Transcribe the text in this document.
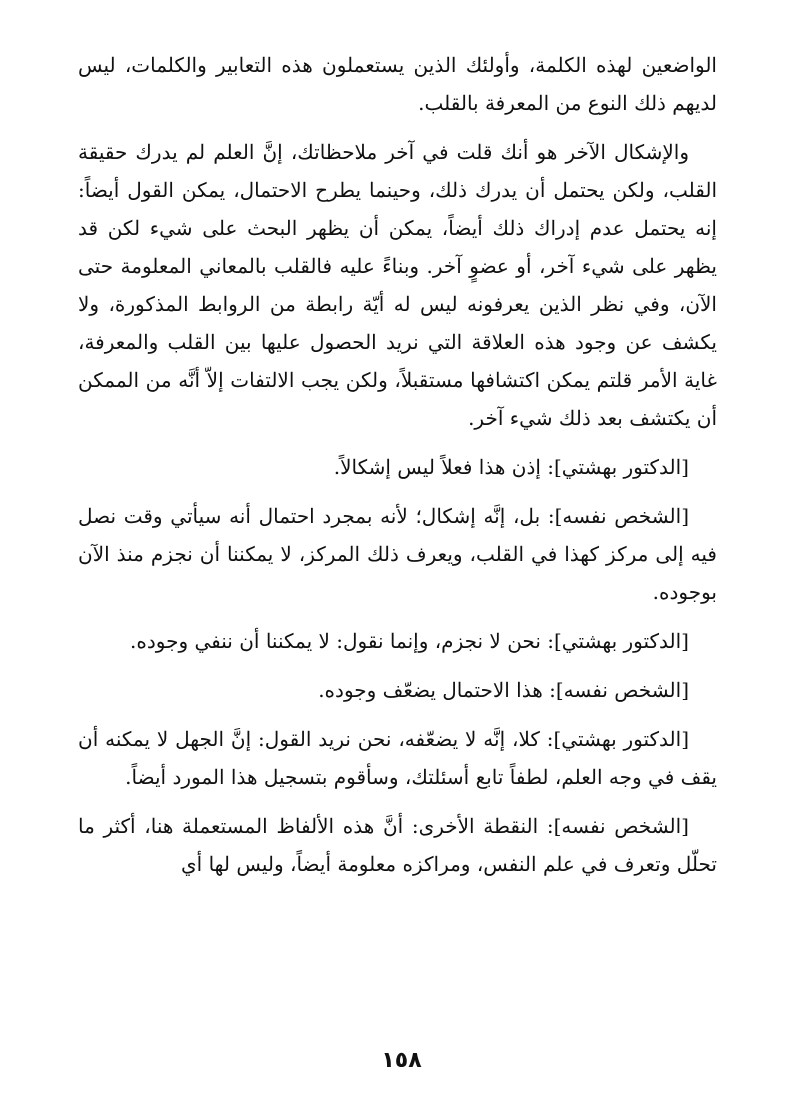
الواضعين لهذه الكلمة، وأولئك الذين يستعملون هذه التعابير والكلمات، ليس لديهم ذلك النوع من المعرفة بالقلب.

والإشكال الآخر هو أنك قلت في آخر ملاحظاتك، إنَّ العلم لم يدرك حقيقة القلب، ولكن يحتمل أن يدرك ذلك، وحينما يطرح الاحتمال، يمكن القول أيضاً: إنه يحتمل عدم إدراك ذلك أيضاً، يمكن أن يظهر البحث على شيء لكن قد يظهر على شيء آخر، أو عضوٍ آخر. وبناءً عليه فالقلب بالمعاني المعلومة حتى الآن، وفي نظر الذين يعرفونه ليس له أيّة رابطة من الروابط المذكورة، ولا يكشف عن وجود هذه العلاقة التي نريد الحصول عليها بين القلب والمعرفة، غاية الأمر قلتم يمكن اكتشافها مستقبلاً، ولكن يجب الالتفات إلاّ أنَّه من الممكن أن يكتشف بعد ذلك شيء آخر.

[الدكتور بهشتي]: إذن هذا فعلاً ليس إشكالاً.

[الشخص نفسه]: بل، إنَّه إشكال؛ لأنه بمجرد احتمال أنه سيأتي وقت نصل فيه إلى مركز كهذا في القلب، ويعرف ذلك المركز، لا يمكننا أن نجزم منذ الآن بوجوده.

[الدكتور بهشتي]: نحن لا نجزم، وإنما نقول: لا يمكننا أن ننفي وجوده.

[الشخص نفسه]: هذا الاحتمال يضعّف وجوده.

[الدكتور بهشتي]: كلا، إنَّه لا يضعّفه، نحن نريد القول: إنَّ الجهل لا يمكنه أن يقف في وجه العلم، لطفاً تابع أسئلتك، وسأقوم بتسجيل هذا المورد أيضاً.

[الشخص نفسه]: النقطة الأخرى: أنَّ هذه الألفاظ المستعملة هنا، أكثر ما تحلّل وتعرف في علم النفس، ومراكزه معلومة أيضاً، وليس لها أي

١٥٨
